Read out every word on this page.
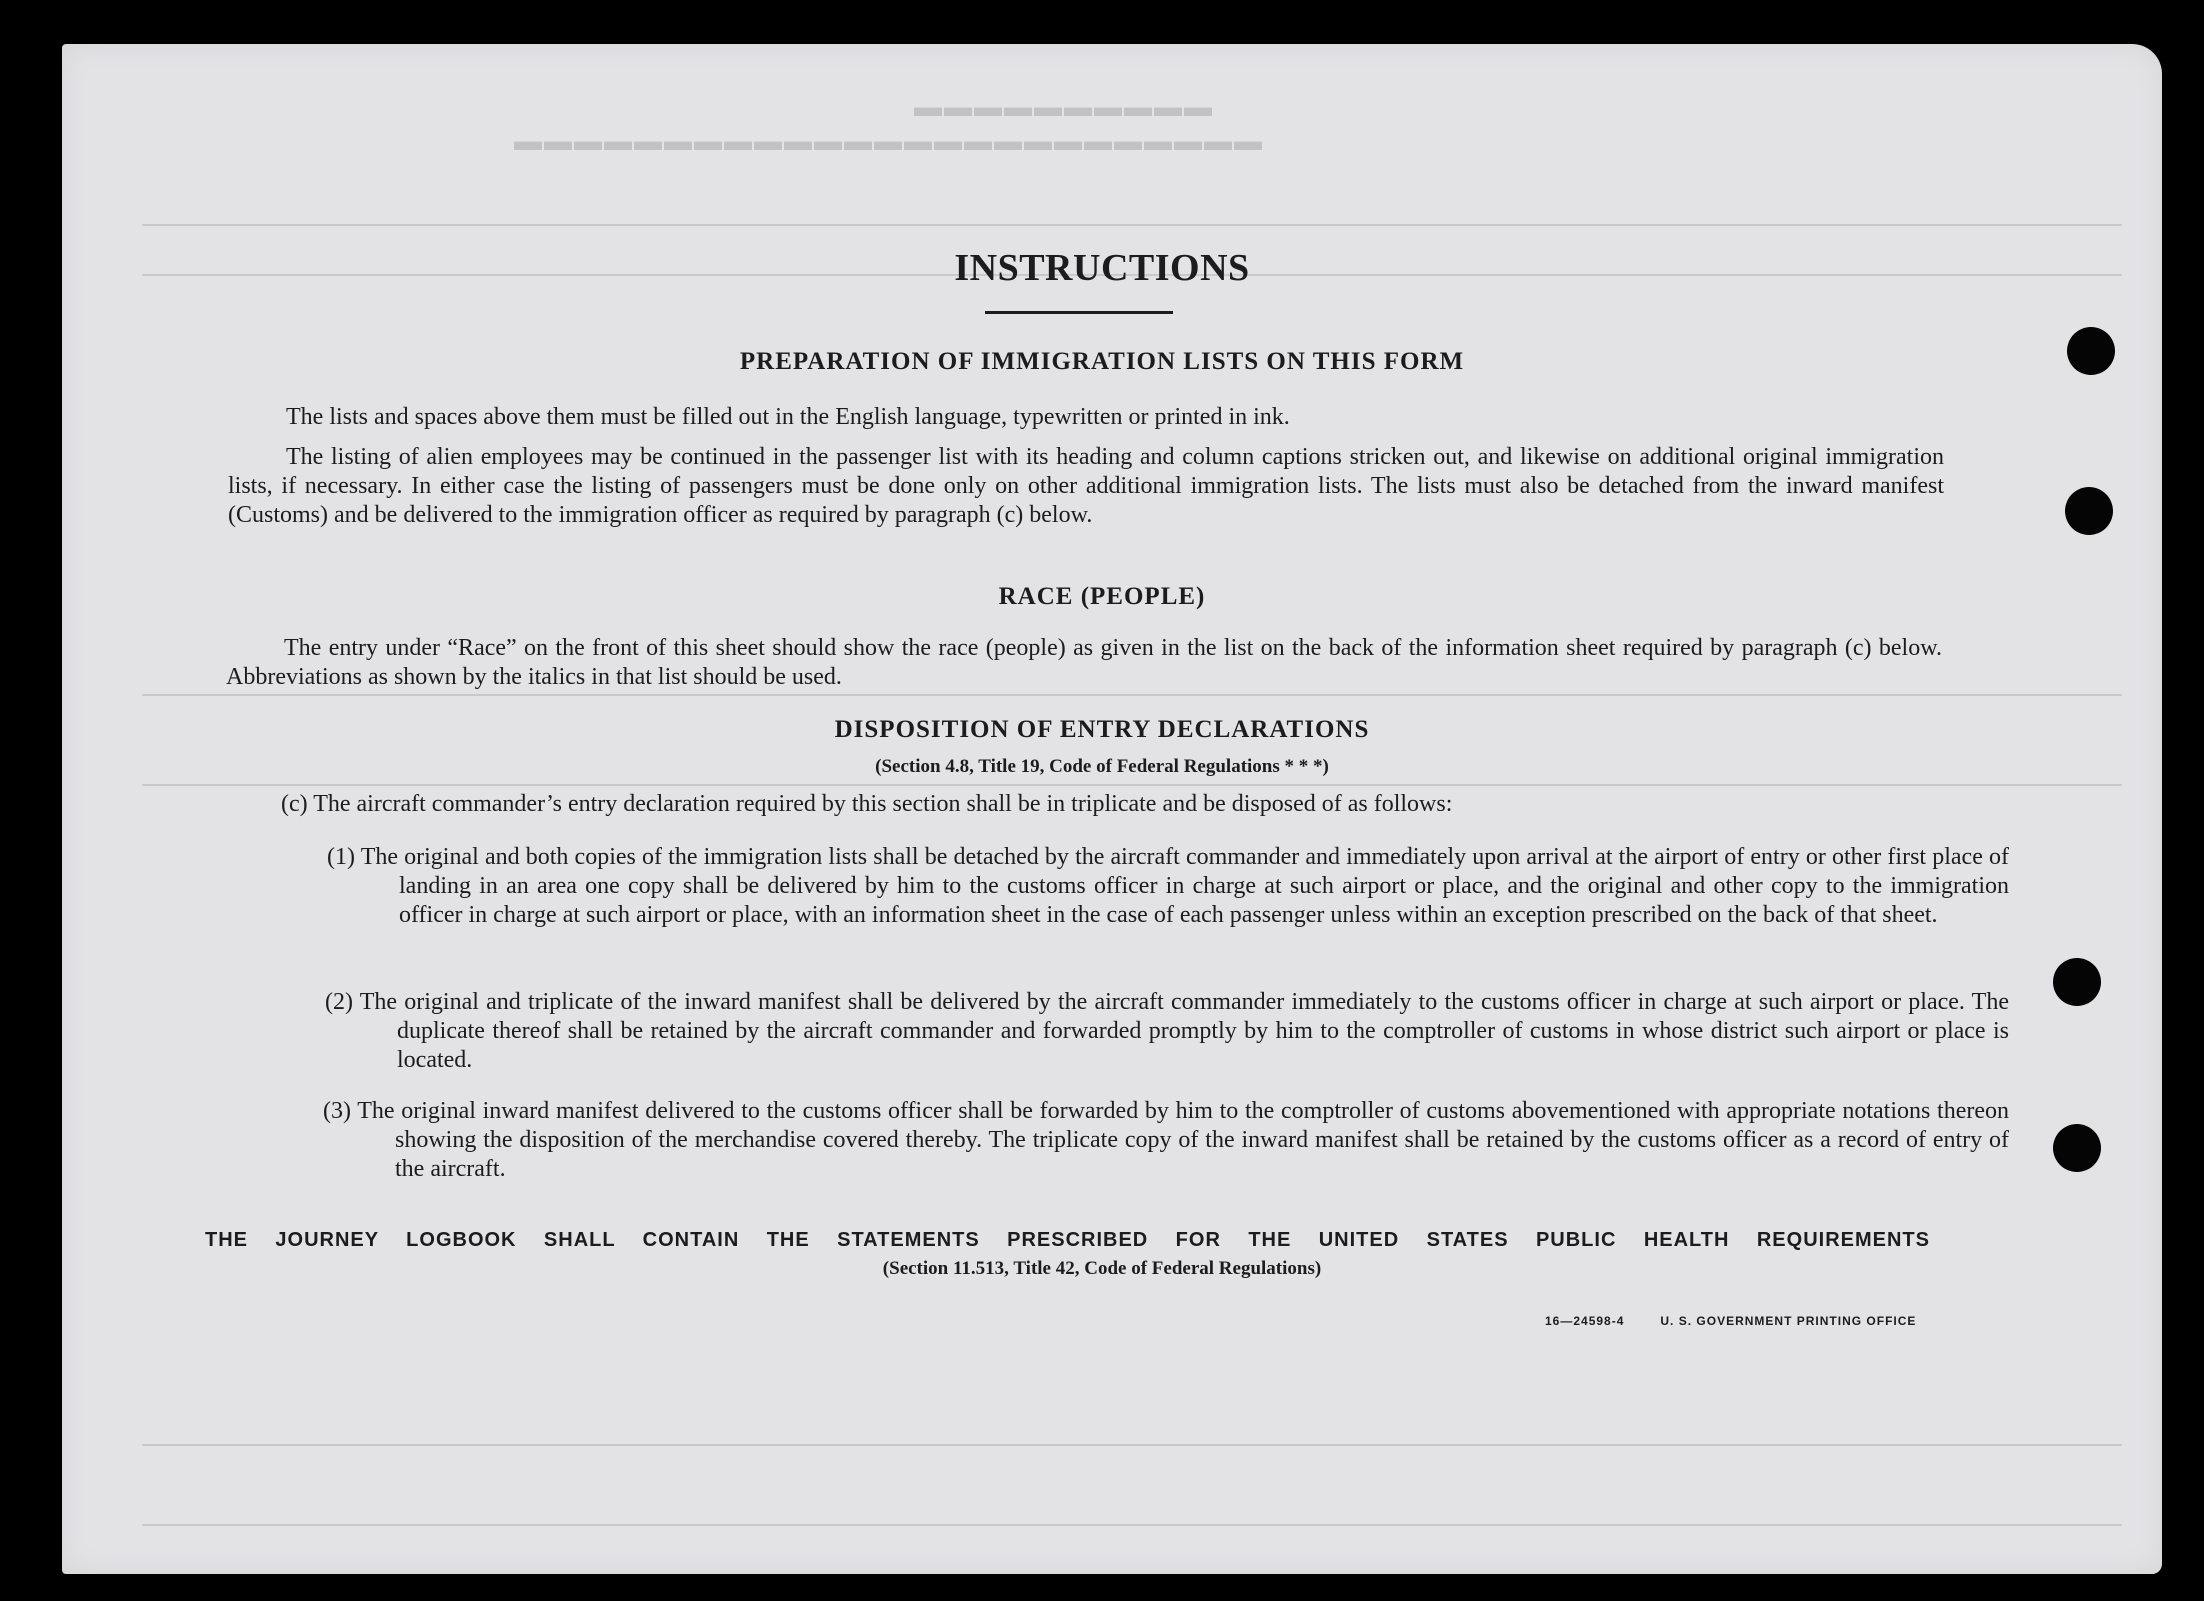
▬▬▬▬▬▬▬▬▬▬
▬▬▬▬▬▬▬▬▬▬▬▬▬▬▬▬▬▬▬▬▬▬▬▬▬
INSTRUCTIONS
PREPARATION OF IMMIGRATION LISTS ON THIS FORM
The lists and spaces above them must be filled out in the English language, typewritten or printed in ink.
The listing of alien employees may be continued in the passenger list with its heading and column captions stricken out, and likewise on additional original immigration lists, if necessary. In either case the listing of passengers must be done only on other additional immigration lists. The lists must also be detached from the inward manifest (Customs) and be delivered to the immigration officer as required by paragraph (c) below.
RACE (PEOPLE)
The entry under “Race” on the front of this sheet should show the race (people) as given in the list on the back of the information sheet required by paragraph (c) below. Abbreviations as shown by the italics in that list should be used.
DISPOSITION OF ENTRY DECLARATIONS
(Section 4.8, Title 19, Code of Federal Regulations * * *)
(c) The aircraft commander’s entry declaration required by this section shall be in triplicate and be disposed of as follows:
(1) The original and both copies of the immigration lists shall be detached by the aircraft commander and immediately upon arrival at the airport of entry or other first place of landing in an area one copy shall be delivered by him to the customs officer in charge at such airport or place, and the original and other copy to the immigration officer in charge at such airport or place, with an information sheet in the case of each passenger unless within an exception prescribed on the back of that sheet.
(2) The original and triplicate of the inward manifest shall be delivered by the aircraft commander immediately to the customs officer in charge at such airport or place. The duplicate thereof shall be retained by the aircraft commander and forwarded promptly by him to the comptroller of customs in whose district such airport or place is located.
(3) The original inward manifest delivered to the customs officer shall be forwarded by him to the comptroller of customs abovementioned with appropriate notations thereon showing the disposition of the merchandise covered thereby. The triplicate copy of the inward manifest shall be retained by the customs officer as a record of entry of the aircraft.
THE JOURNEY LOGBOOK SHALL CONTAIN THE STATEMENTS PRESCRIBED FOR THE UNITED STATES PUBLIC HEALTH REQUIREMENTS
(Section 11.513, Title 42, Code of Federal Regulations)
16—24598-4	U. S. GOVERNMENT PRINTING OFFICE
